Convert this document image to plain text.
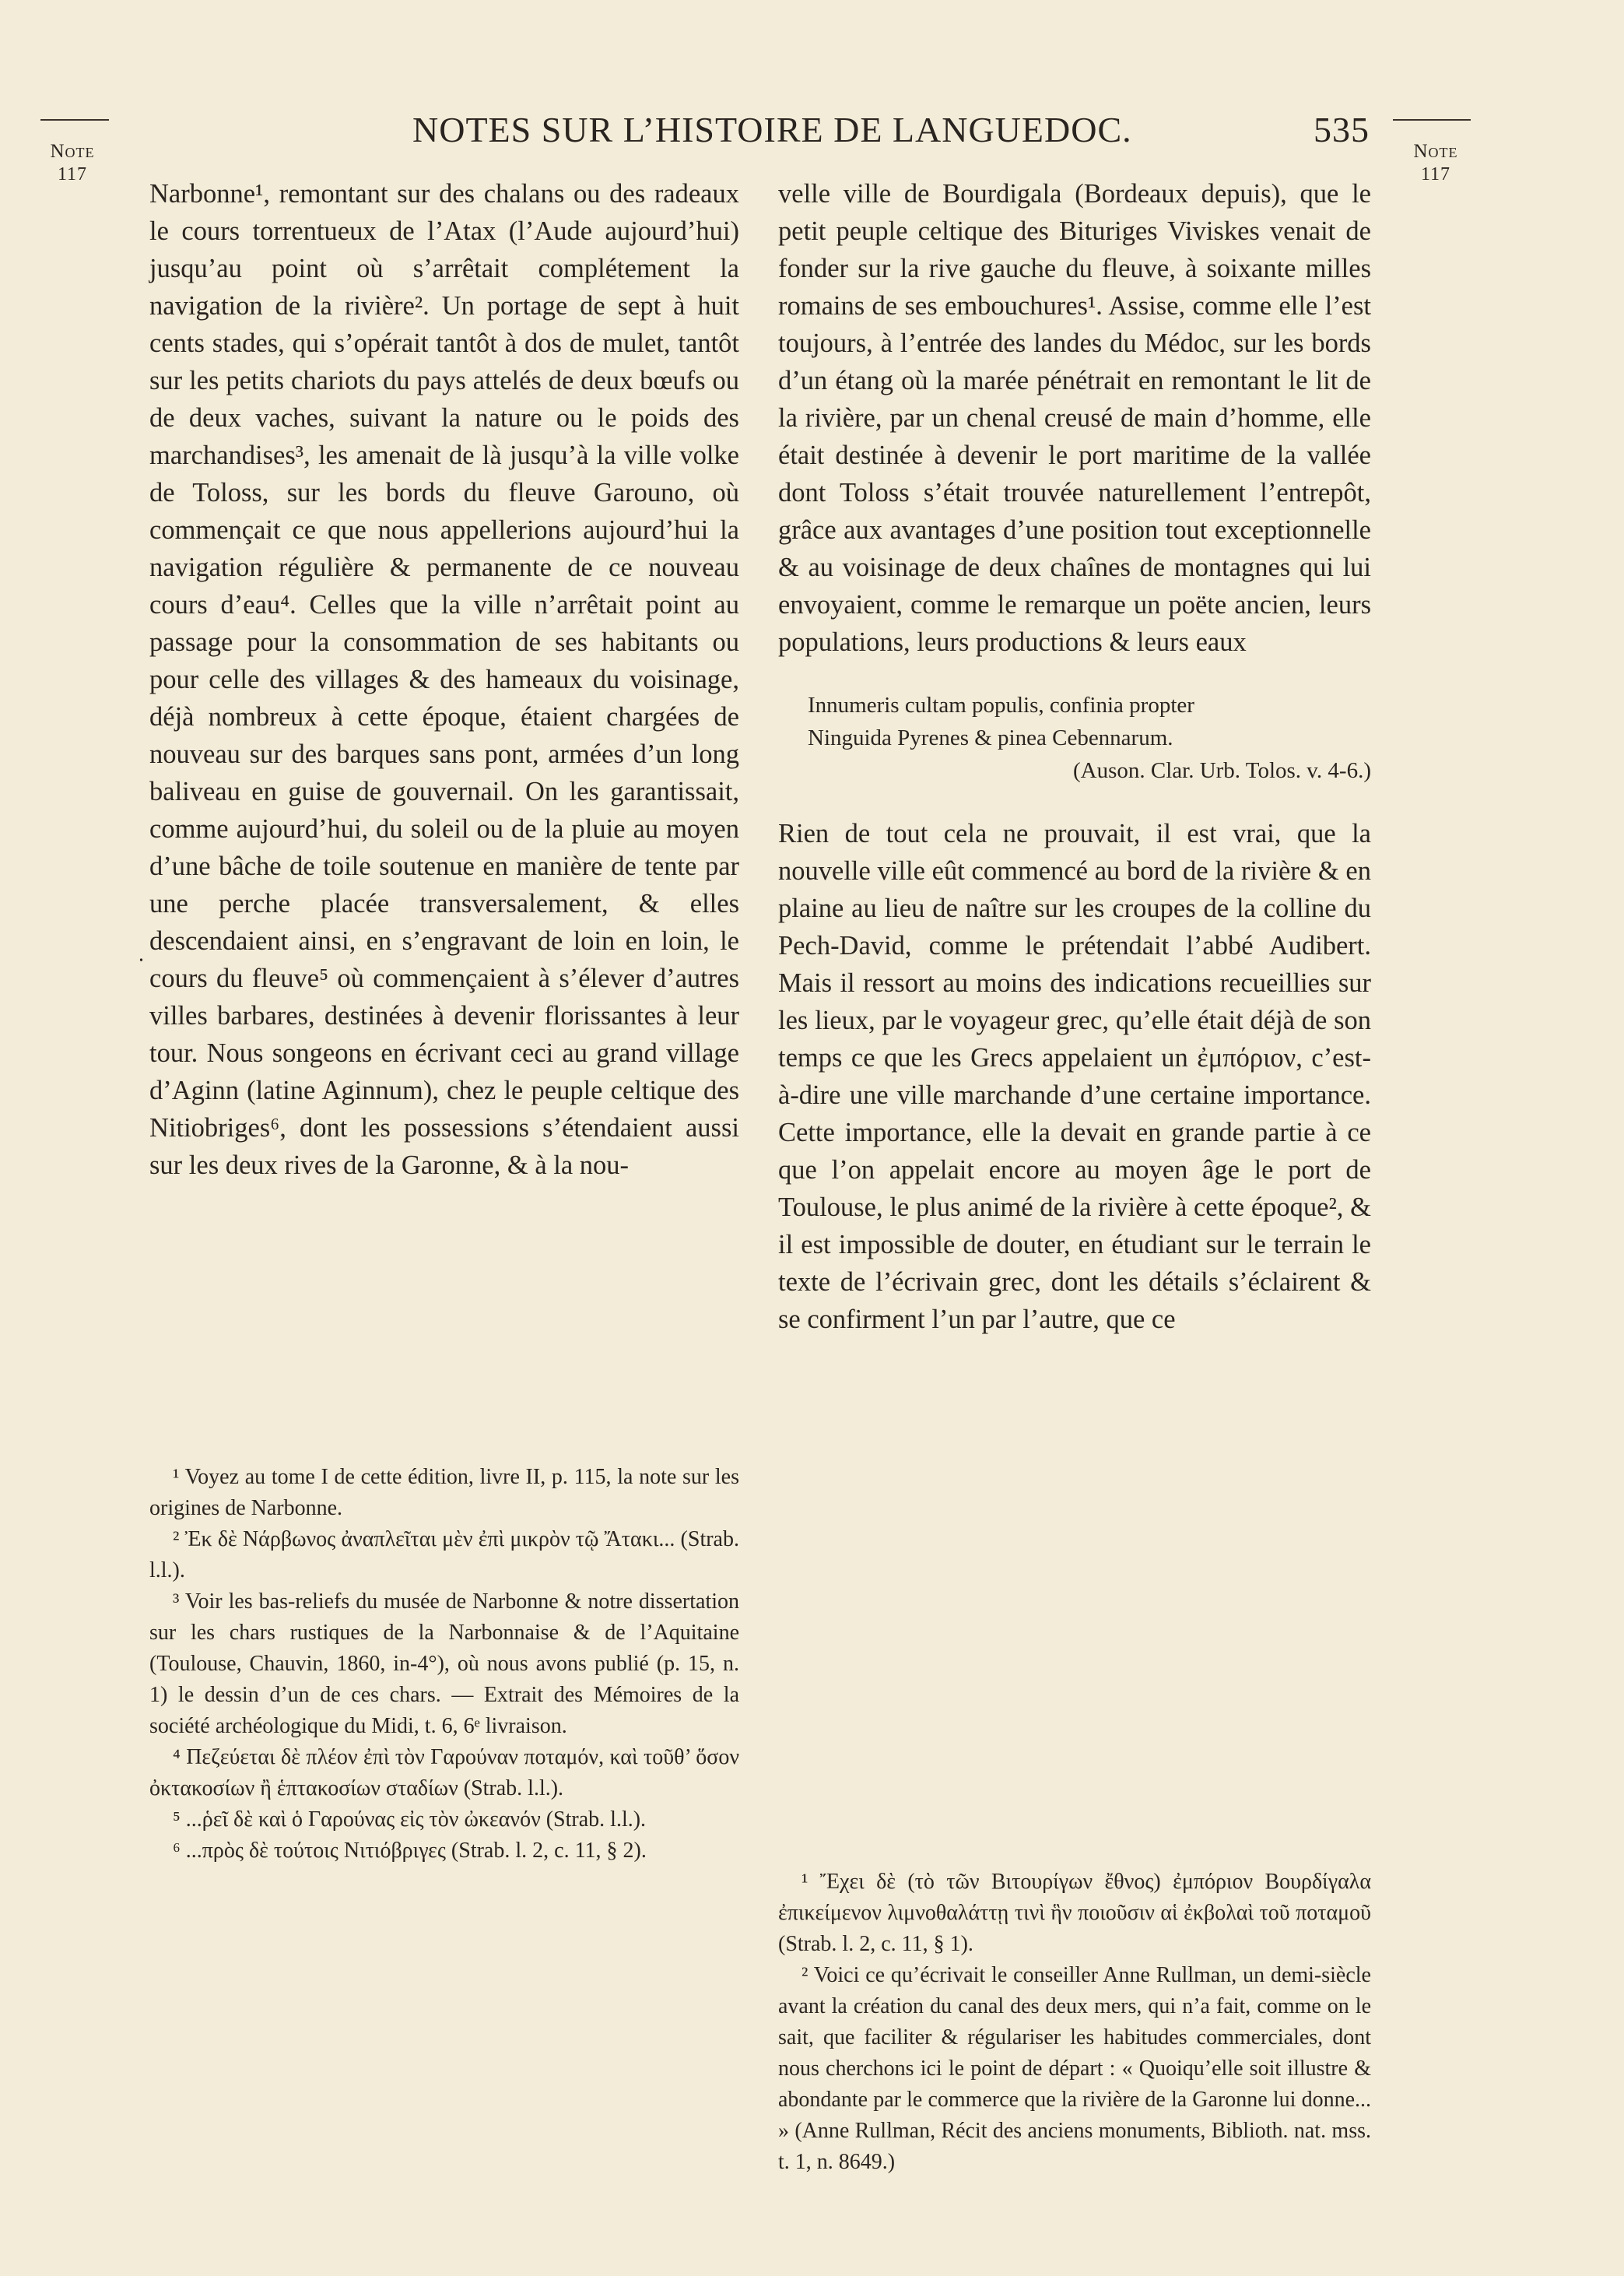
Note
117
Note
117
NOTES SUR L’HISTOIRE DE LANGUEDOC.	535
⸳

Narbonne¹, remontant sur des chalans ou des radeaux le cours torrentueux de l’Atax (l’Aude aujourd’hui) jusqu’au point où s’arrêtait complétement la navigation de la rivière². Un portage de sept à huit cents stades, qui s’opérait tantôt à dos de mulet, tantôt sur les petits chariots du pays attelés de deux bœufs ou de deux vaches, suivant la nature ou le poids des marchandises³, les amenait de là jusqu’à la ville volke de Toloss, sur les bords du fleuve Garouno, où commençait ce que nous appellerions aujourd’hui la navigation régulière & permanente de ce nouveau cours d’eau⁴. Celles que la ville n’arrêtait point au passage pour la consommation de ses habitants ou pour celle des villages & des hameaux du voisinage, déjà nombreux à cette époque, étaient chargées de nouveau sur des barques sans pont, armées d’un long baliveau en guise de gouvernail. On les garantissait, comme aujourd’hui, du soleil ou de la pluie au moyen d’une bâche de toile soutenue en manière de tente par une perche placée transversalement, & elles descendaient ainsi, en s’engravant de loin en loin, le cours du fleuve⁵ où commençaient à s’élever d’autres villes barbares, destinées à devenir florissantes à leur tour. Nous songeons en écrivant ceci au grand village d’Aginn (latine Aginnum), chez le peuple celtique des Nitiobriges⁶, dont les possessions s’étendaient aussi sur les deux rives de la Garonne, & à la nou-

velle ville de Bourdigala (Bordeaux depuis), que le petit peuple celtique des Bituriges Viviskes venait de fonder sur la rive gauche du fleuve, à soixante milles romains de ses embouchures¹. Assise, comme elle l’est toujours, à l’entrée des landes du Médoc, sur les bords d’un étang où la marée pénétrait en remontant le lit de la rivière, par un chenal creusé de main d’homme, elle était destinée à devenir le port maritime de la vallée dont Toloss s’était trouvée naturellement l’entrepôt, grâce aux avantages d’une position tout exceptionnelle & au voisinage de deux chaînes de montagnes qui lui envoyaient, comme le remarque un poëte ancien, leurs populations, leurs productions & leurs eaux

Innumeris cultam populis, confinia propter
Ninguida Pyrenes & pinea Cebennarum.
(Auson. Clar. Urb. Tolos. v. 4-6.)

Rien de tout cela ne prouvait, il est vrai, que la nouvelle ville eût commencé au bord de la rivière & en plaine au lieu de naître sur les croupes de la colline du Pech-David, comme le prétendait l’abbé Audibert. Mais il ressort au moins des indications recueillies sur les lieux, par le voyageur grec, qu’elle était déjà de son temps ce que les Grecs appelaient un ἐμπόριον, c’est-à-dire une ville marchande d’une certaine importance. Cette importance, elle la devait en grande partie à ce que l’on appelait encore au moyen âge le port de Toulouse, le plus animé de la rivière à cette époque², & il est impossible de douter, en étudiant sur le terrain le texte de l’écrivain grec, dont les détails s’éclairent & se confirment l’un par l’autre, que ce

¹ Voyez au tome I de cette édition, livre II, p. 115, la note sur les origines de Narbonne.

² Ἐκ δὲ Νάρβωνος ἀναπλεῖται μὲν ἐπὶ μικρὸν τῷ Ἄτακι... (Strab. l.l.).

³ Voir les bas-reliefs du musée de Narbonne & notre dissertation sur les chars rustiques de la Narbonnaise & de l’Aquitaine (Toulouse, Chauvin, 1860, in-4°), où nous avons publié (p. 15, n. 1) le dessin d’un de ces chars. — Extrait des Mémoires de la société archéologique du Midi, t. 6, 6ᵉ livraison.

⁴ Πεζεύεται δὲ πλέον ἐπὶ τὸν Γαρούναν ποταμόν, καὶ τοῦθ’ ὅσον ὀκτακοσίων ἢ ἑπτακοσίων σταδίων (Strab. l.l.).

⁵ ...ῥεῖ δὲ καὶ ὁ Γαρούνας εἰς τὸν ὠκεανόν (Strab. l.l.).

⁶ ...πρὸς δὲ τούτοις Νιτιόβριγες (Strab. l. 2, c. 11, § 2).

¹ Ἔχει δὲ (τὸ τῶν Βιτουρίγων ἔθνος) ἐμπόριον Βουρδίγαλα ἐπικείμενον λιμνοθαλάττῃ τινὶ ἣν ποιοῦσιν αἱ ἐκβολαὶ τοῦ ποταμοῦ (Strab. l. 2, c. 11, § 1).

² Voici ce qu’écrivait le conseiller Anne Rullman, un demi-siècle avant la création du canal des deux mers, qui n’a fait, comme on le sait, que faciliter & régulariser les habitudes commerciales, dont nous cherchons ici le point de départ : « Quoiqu’elle soit illustre & abondante par le commerce que la rivière de la Garonne lui donne... » (Anne Rullman, Récit des anciens monuments, Biblioth. nat. mss. t. 1, n. 8649.)
